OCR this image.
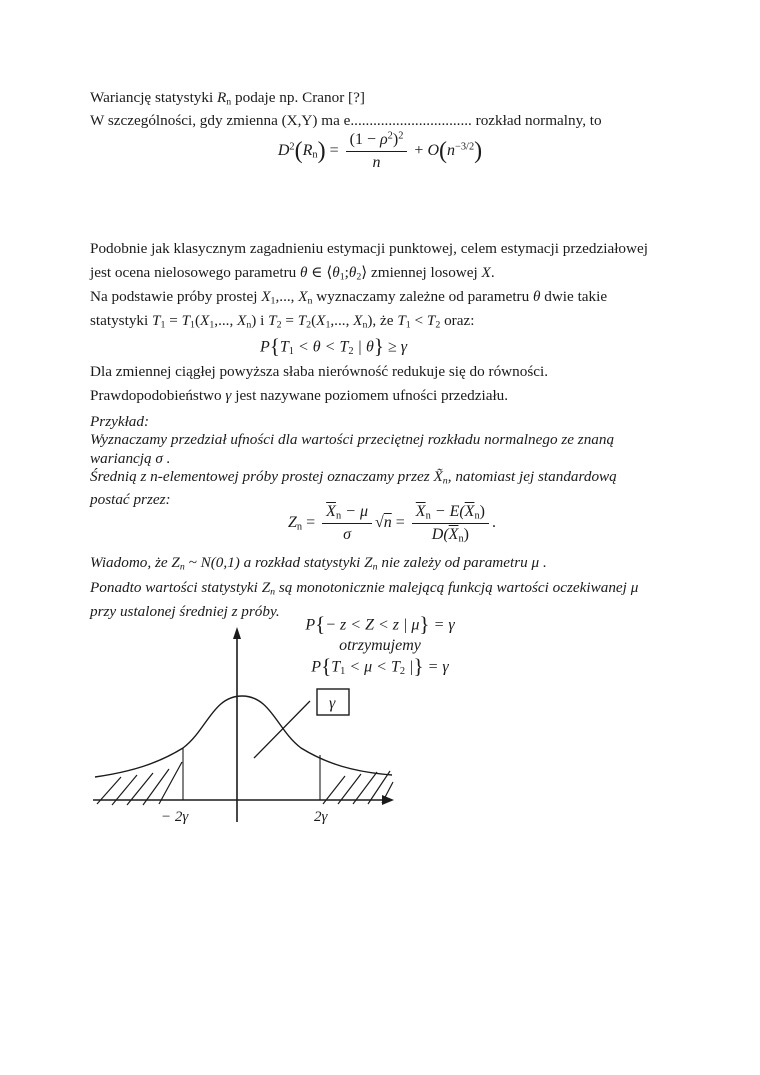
Wariancję statystyki $R_n$ podaje np. Cranor [?]
W szczególności, gdy zmienna (X,Y) ma e................................ rozkład normalny, to
$D^2(R_n) = \frac{(1 - \rho^2)^2}{n} + O(n^{-3/2})$
Podobnie jak klasycznym zagadnieniu estymacji punktowej, celem estymacji przedziałowej
jest ocena nielosowego parametru θ ∈ $⟨\theta_1;\theta_2⟩$ zmiennej losowej X.
Na podstawie próby prostej $X_1$,..., $X_n$ wyznaczamy zależne od parametru θ dwie takie
statystyki $T_1 = T_1(X_1$,..., $X_n$) i $T_2 = T_2(X_1$,..., $X_n$), że $T_1 < T_2$ oraz:
$P\{T_1 < \theta < T_2$ | θ} ≥ γ
Dla zmiennej ciągłej powyższa słaba nierówność redukuje się do równości.
Prawdopodobieństwo γ jest nazywane poziomem ufności przedziału.
Przykład:
Wyznaczamy przedział ufności dla wartości przeciętnej rozkładu normalnego ze znaną
wariancją σ .
Średnią z n-elementowej próby prostej oznaczamy przez $X̃_n$, natomiast jej standardową
postać przez:
$Z_n = \frac{\overline{X}_n - \mu}{\sigma} √n = \frac{\overline{X}_n - E(\overline{X}_n)}{D(\overline{X}_n)}$ .
Wiadomo, że $Z_n$ ~ N(0,1) a rozkład statystyki $Z_n$ nie zależy od parametru μ .
Ponadto wartości statystyki $Z_n$ są monotonicznie malejącą funkcją wartości oczekiwanej μ
przy ustalonej średniej z próby.
P{− z < Z < z | μ} = γ
otrzymujemy
$P\{T_1 < \mu < T_2$ |} = γ
γ
− 2γ	2γ
